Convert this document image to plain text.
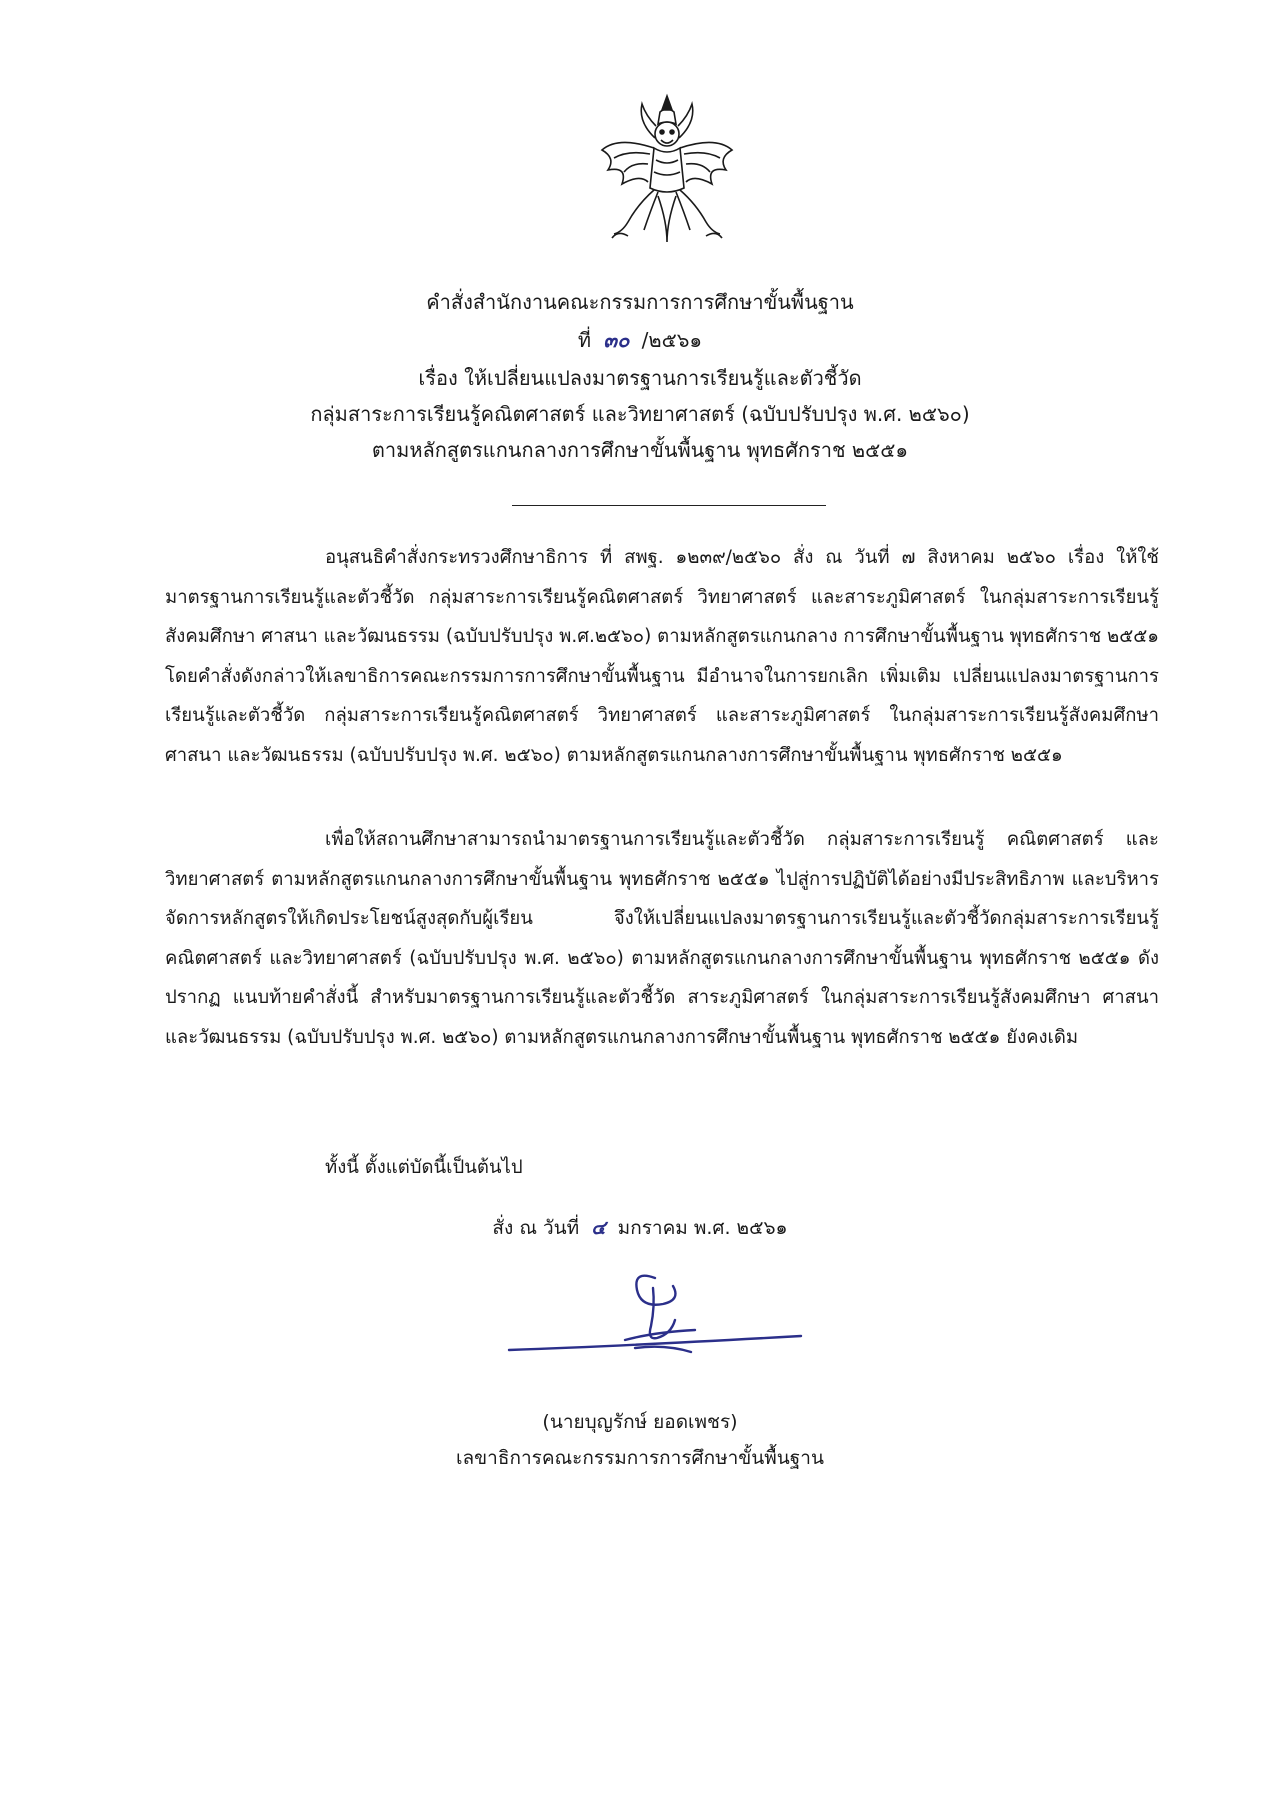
คำสั่งสำนักงานคณะกรรมการการศึกษาขั้นพื้นฐาน
ที่ ๓๐ /๒๕๖๑
เรื่อง ให้เปลี่ยนแปลงมาตรฐานการเรียนรู้และตัวชี้วัด
กลุ่มสาระการเรียนรู้คณิตศาสตร์ และวิทยาศาสตร์ (ฉบับปรับปรุง พ.ศ. ๒๕๖๐)
ตามหลักสูตรแกนกลางการศึกษาขั้นพื้นฐาน พุทธศักราช ๒๕๕๑

อนุสนธิคำสั่งกระทรวงศึกษาธิการ ที่ สพฐ. ๑๒๓๙/๒๕๖๐ สั่ง ณ วันที่ ๗ สิงหาคม ๒๕๖๐ เรื่อง ให้ใช้มาตรฐานการเรียนรู้และตัวชี้วัด กลุ่มสาระการเรียนรู้คณิตศาสตร์ วิทยาศาสตร์ และสาระภูมิศาสตร์ ในกลุ่มสาระการเรียนรู้สังคมศึกษา ศาสนา และวัฒนธรรม (ฉบับปรับปรุง พ.ศ.๒๕๖๐) ตามหลักสูตรแกนกลาง การศึกษาขั้นพื้นฐาน พุทธศักราช ๒๕๕๑ โดยคำสั่งดังกล่าวให้เลขาธิการคณะกรรมการการศึกษาขั้นพื้นฐาน มีอำนาจในการยกเลิก เพิ่มเติม เปลี่ยนแปลงมาตรฐานการเรียนรู้และตัวชี้วัด กลุ่มสาระการเรียนรู้คณิตศาสตร์ วิทยาศาสตร์ และสาระภูมิศาสตร์ ในกลุ่มสาระการเรียนรู้สังคมศึกษา ศาสนา และวัฒนธรรม (ฉบับปรับปรุง พ.ศ. ๒๕๖๐) ตามหลักสูตรแกนกลางการศึกษาขั้นพื้นฐาน พุทธศักราช ๒๕๕๑

เพื่อให้สถานศึกษาสามารถนำมาตรฐานการเรียนรู้และตัวชี้วัด กลุ่มสาระการเรียนรู้ คณิตศาสตร์ และวิทยาศาสตร์ ตามหลักสูตรแกนกลางการศึกษาขั้นพื้นฐาน พุทธศักราช ๒๕๕๑ ไปสู่การปฏิบัติได้อย่างมีประสิทธิภาพ และบริหารจัดการหลักสูตรให้เกิดประโยชน์สูงสุดกับผู้เรียน จึงให้เปลี่ยนแปลงมาตรฐานการเรียนรู้และตัวชี้วัดกลุ่มสาระการเรียนรู้คณิตศาสตร์ และวิทยาศาสตร์ (ฉบับปรับปรุง พ.ศ. ๒๕๖๐) ตามหลักสูตรแกนกลางการศึกษาขั้นพื้นฐาน พุทธศักราช ๒๕๕๑ ดังปรากฏ แนบท้ายคำสั่งนี้ สำหรับมาตรฐานการเรียนรู้และตัวชี้วัด สาระภูมิศาสตร์ ในกลุ่มสาระการเรียนรู้สังคมศึกษา ศาสนา และวัฒนธรรม (ฉบับปรับปรุง พ.ศ. ๒๕๖๐) ตามหลักสูตรแกนกลางการศึกษาขั้นพื้นฐาน พุทธศักราช ๒๕๕๑ ยังคงเดิม

ทั้งนี้ ตั้งแต่บัดนี้เป็นต้นไป

สั่ง ณ วันที่ ๔ มกราคม พ.ศ. ๒๕๖๑
(นายบุญรักษ์ ยอดเพชร)
เลขาธิการคณะกรรมการการศึกษาขั้นพื้นฐาน
